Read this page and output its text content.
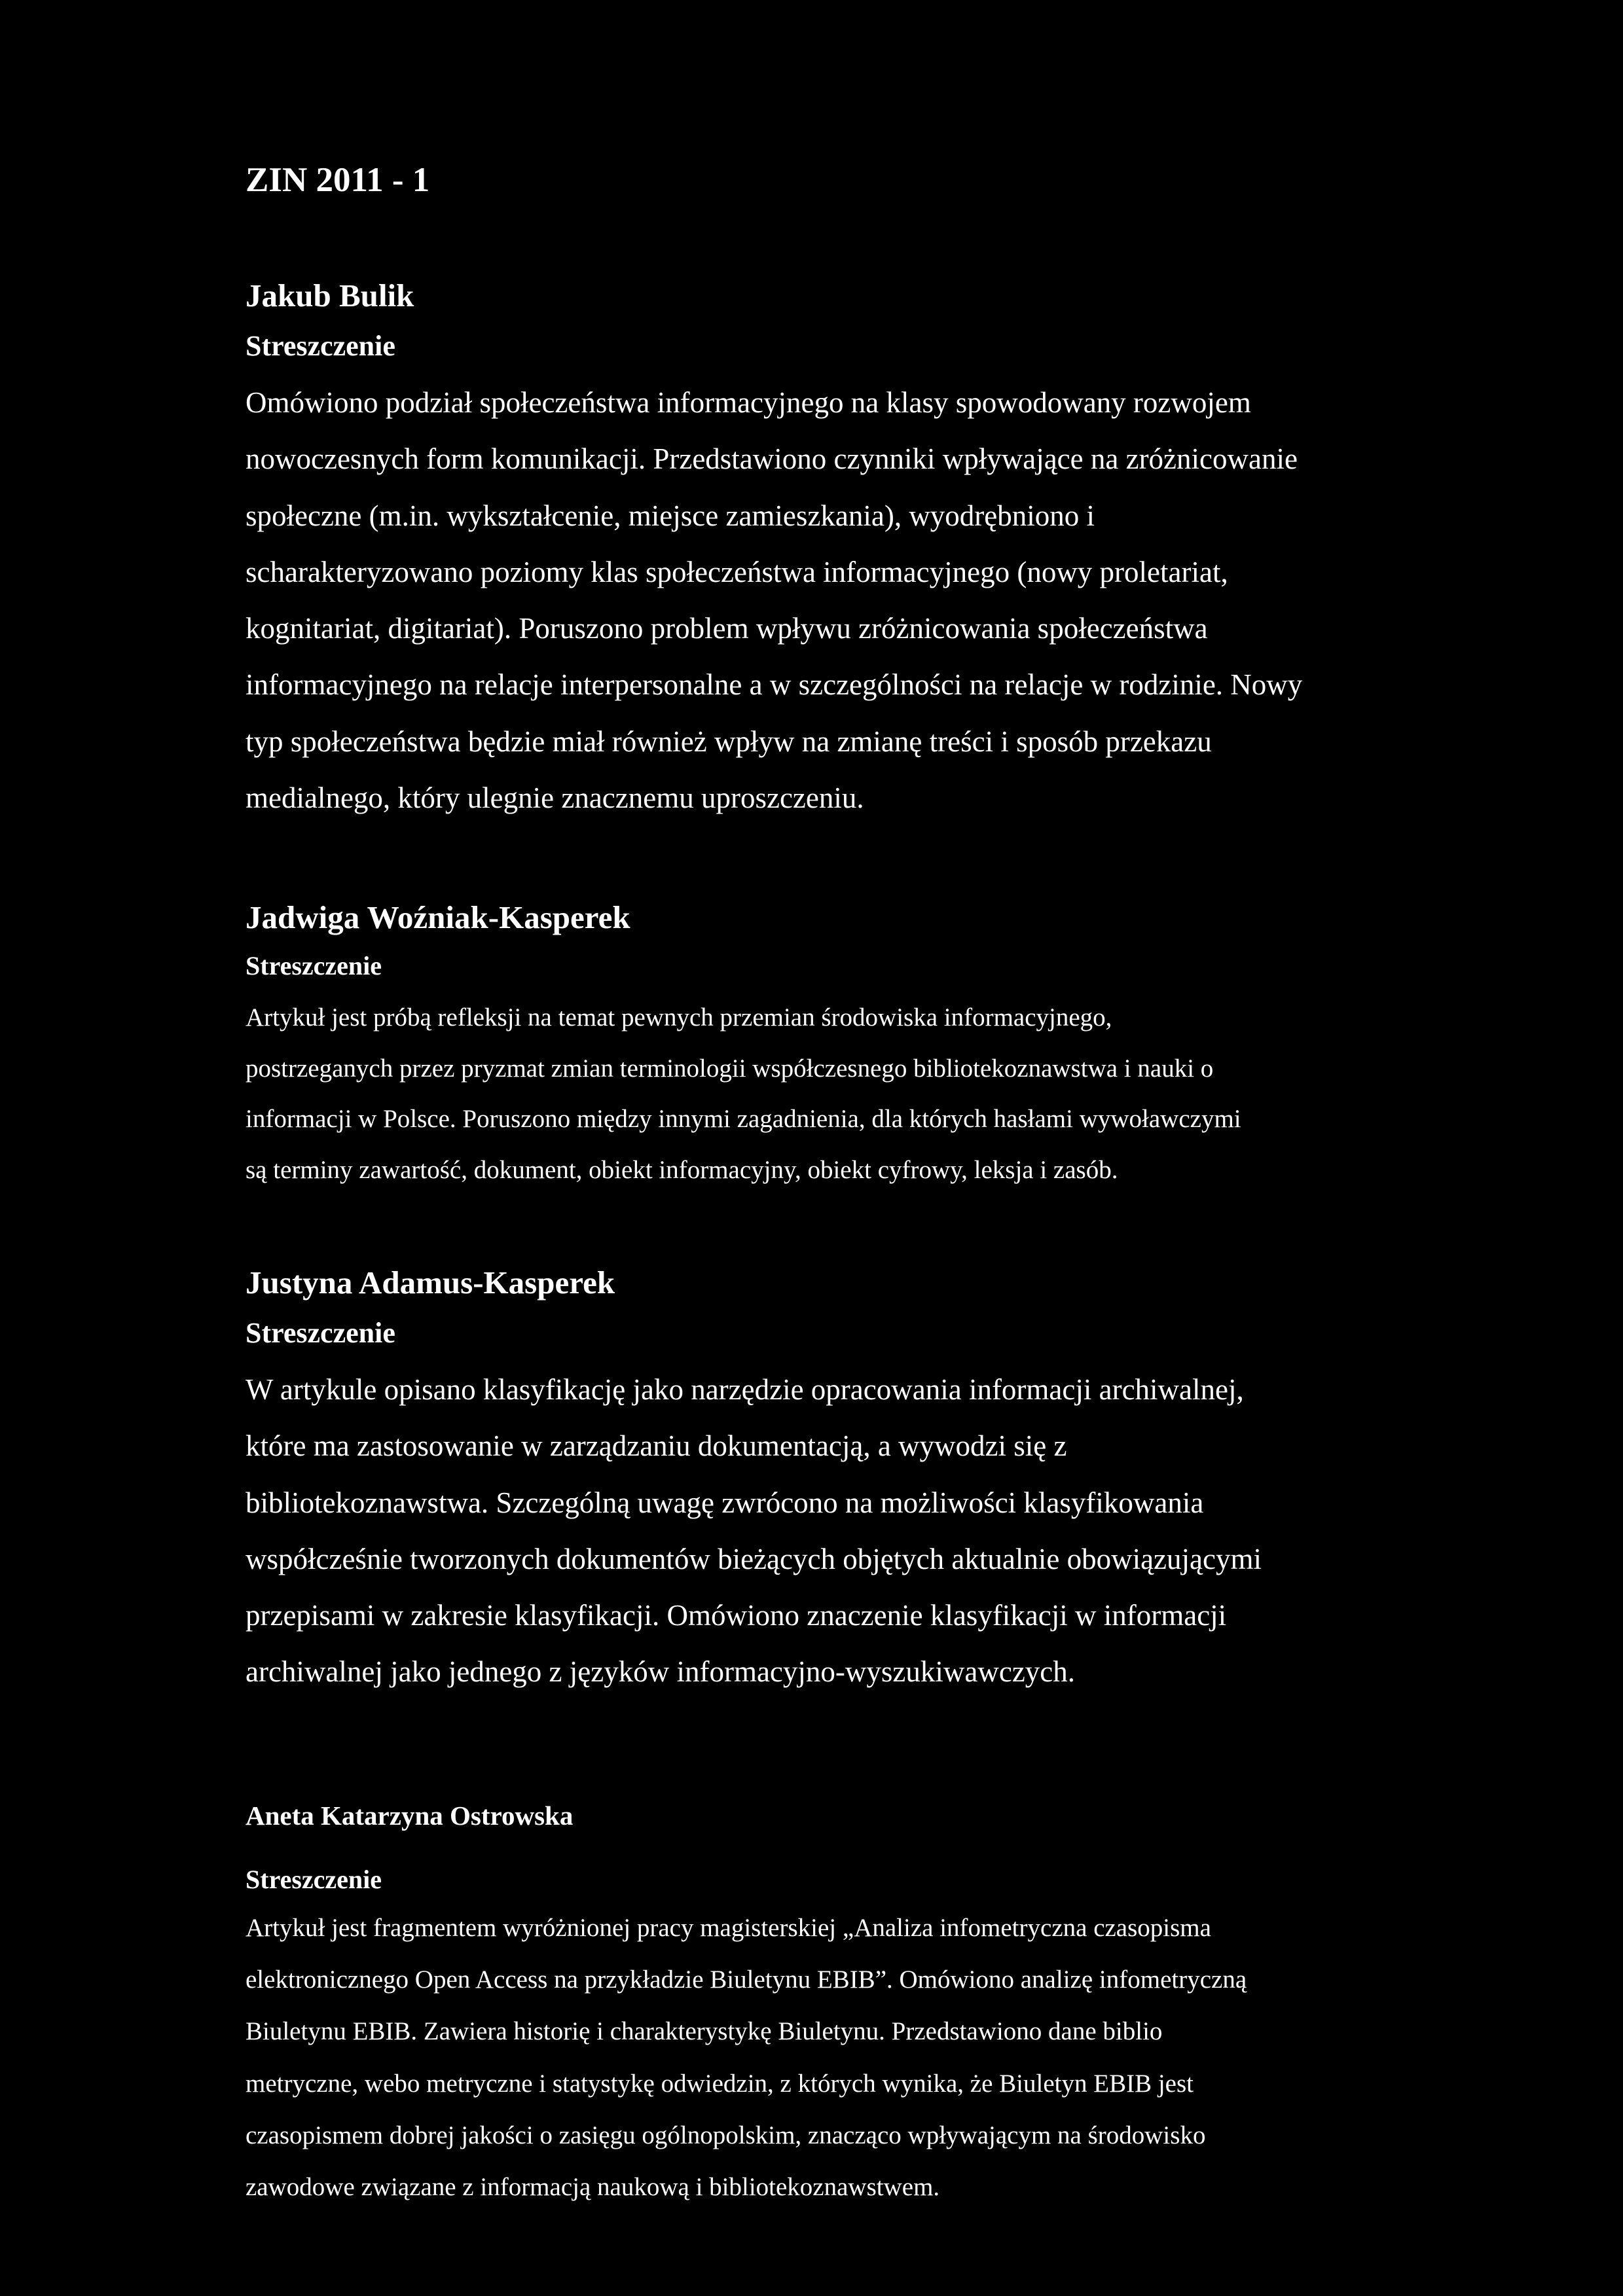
ZIN 2011 - 1

Jakub Bulik

Streszczenie

Omówiono podział społeczeństwa informacyjnego na klasy spowodowany rozwojem
nowoczesnych form komunikacji. Przedstawiono czynniki wpływające na zróżnicowanie
społeczne (m.in. wykształcenie, miejsce zamieszkania), wyodrębniono i
scharakteryzowano poziomy klas społeczeństwa informacyjnego (nowy proletariat,
kognitariat, digitariat). Poruszono problem wpływu zróżnicowania społeczeństwa
informacyjnego na relacje interpersonalne a w szczególności na relacje w rodzinie. Nowy
typ społeczeństwa będzie miał również wpływ na zmianę treści i sposób przekazu
medialnego, który ulegnie znacznemu uproszczeniu.

Jadwiga Woźniak-Kasperek

Streszczenie

Artykuł jest próbą refleksji na temat pewnych przemian środowiska informacyjnego,
postrzeganych przez pryzmat zmian terminologii współczesnego bibliotekoznawstwa i nauki o
informacji w Polsce. Poruszono między innymi zagadnienia, dla których hasłami wywoławczymi
są terminy zawartość, dokument, obiekt informacyjny, obiekt cyfrowy, leksja i zasób.

Justyna Adamus-Kasperek

Streszczenie

W artykule opisano klasyfikację jako narzędzie opracowania informacji archiwalnej,
które ma zastosowanie w zarządzaniu dokumentacją, a wywodzi się z
bibliotekoznawstwa. Szczególną uwagę zwrócono na możliwości klasyfikowania
współcześnie tworzonych dokumentów bieżących objętych aktualnie obowiązującymi
przepisami w zakresie klasyfikacji. Omówiono znaczenie klasyfikacji w informacji
archiwalnej jako jednego z języków informacyjno-wyszukiwawczych.

Aneta Katarzyna Ostrowska

Streszczenie

Artykuł jest fragmentem wyróżnionej pracy magisterskiej „Analiza infometryczna czasopisma
elektronicznego Open Access na przykładzie Biuletynu EBIB”. Omówiono analizę infometryczną
Biuletynu EBIB. Zawiera historię i charakterystykę Biuletynu. Przedstawiono dane biblio
metryczne, webo metryczne i statystykę odwiedzin, z których wynika, że Biuletyn EBIB jest
czasopismem dobrej jakości o zasięgu ogólnopolskim, znacząco wpływającym na środowisko
zawodowe związane z informacją naukową i bibliotekoznawstwem.
